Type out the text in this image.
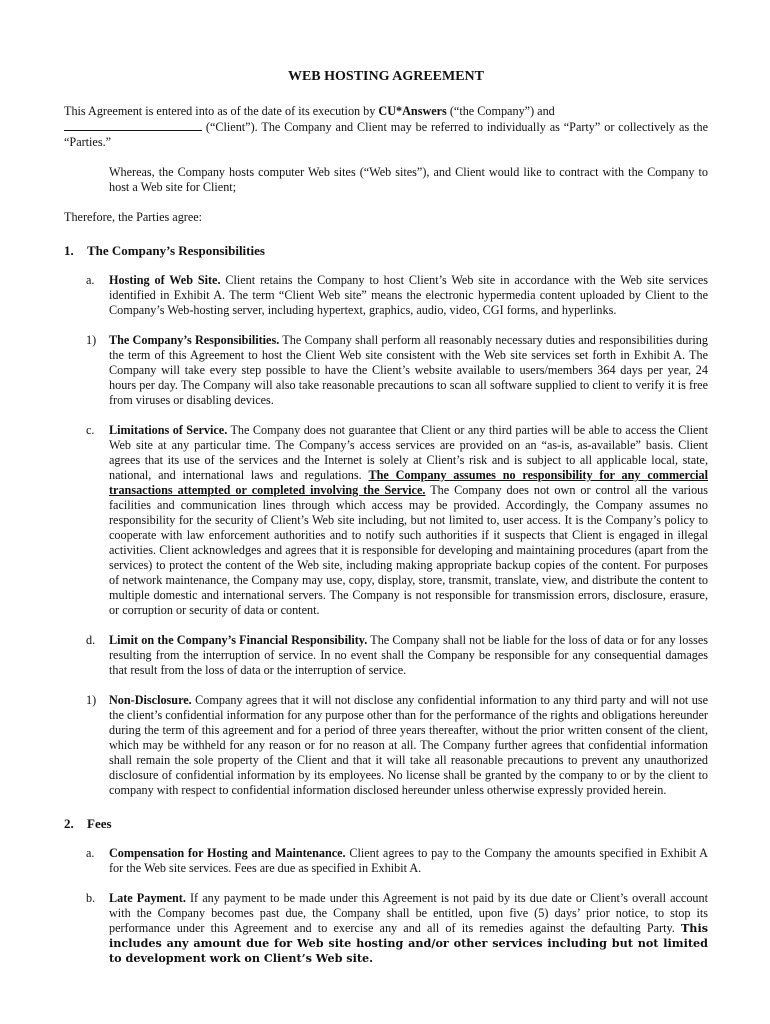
WEB HOSTING AGREEMENT

This Agreement is entered into as of the date of its execution by CU*Answers (“the Company”) and
(“Client”). The Company and Client may be referred to individually as “Party” or collectively as the “Parties.”

Whereas, the Company hosts computer Web sites (“Web sites”), and Client would like to contract with the Company to host a Web site for Client;

Therefore, the Parties agree:

1. The Company’s Responsibilities
a. Hosting of Web Site. Client retains the Company to host Client’s Web site in accordance with the Web site services identified in Exhibit A. The term “Client Web site” means the electronic hypermedia content uploaded by Client to the Company’s Web-hosting server, including hypertext, graphics, audio, video, CGI forms, and hyperlinks.

1) The Company’s Responsibilities. The Company shall perform all reasonably necessary duties and responsibilities during the term of this Agreement to host the Client Web site consistent with the Web site services set forth in Exhibit A. The Company will take every step possible to have the Client’s website available to users/members 364 days per year, 24 hours per day. The Company will also take reasonable precautions to scan all software supplied to client to verify it is free from viruses or disabling devices.

c. Limitations of Service. The Company does not guarantee that Client or any third parties will be able to access the Client Web site at any particular time. The Company’s access services are provided on an “as-is, as-available” basis. Client agrees that its use of the services and the Internet is solely at Client’s risk and is subject to all applicable local, state, national, and international laws and regulations. The Company assumes no responsibility for any commercial transactions attempted or completed involving the Service. The Company does not own or control all the various facilities and communication lines through which access may be provided. Accordingly, the Company assumes no responsibility for the security of Client’s Web site including, but not limited to, user access. It is the Company’s policy to cooperate with law enforcement authorities and to notify such authorities if it suspects that Client is engaged in illegal activities. Client acknowledges and agrees that it is responsible for developing and maintaining procedures (apart from the services) to protect the content of the Web site, including making appropriate backup copies of the content. For purposes of network maintenance, the Company may use, copy, display, store, transmit, translate, view, and distribute the content to multiple domestic and international servers. The Company is not responsible for transmission errors, disclosure, erasure, or corruption or security of data or content.

d. Limit on the Company’s Financial Responsibility. The Company shall not be liable for the loss of data or for any losses resulting from the interruption of service. In no event shall the Company be responsible for any consequential damages that result from the loss of data or the interruption of service.

1) Non-Disclosure. Company agrees that it will not disclose any confidential information to any third party and will not use the client’s confidential information for any purpose other than for the performance of the rights and obligations hereunder during the term of this agreement and for a period of three years thereafter, without the prior written consent of the client, which may be withheld for any reason or for no reason at all. The Company further agrees that confidential information shall remain the sole property of the Client and that it will take all reasonable precautions to prevent any unauthorized disclosure of confidential information by its employees. No license shall be granted by the company to or by the client to company with respect to confidential information disclosed hereunder unless otherwise expressly provided herein.

2. Fees
a. Compensation for Hosting and Maintenance. Client agrees to pay to the Company the amounts specified in Exhibit A for the Web site services. Fees are due as specified in Exhibit A.

b. Late Payment. If any payment to be made under this Agreement is not paid by its due date or Client’s overall account with the Company becomes past due, the Company shall be entitled, upon five (5) days’ prior notice, to stop its performance under this Agreement and to exercise any and all of its remedies against the defaulting Party. This includes any amount due for Web site hosting and/or other services including but not limited to development work on Client’s Web site.
